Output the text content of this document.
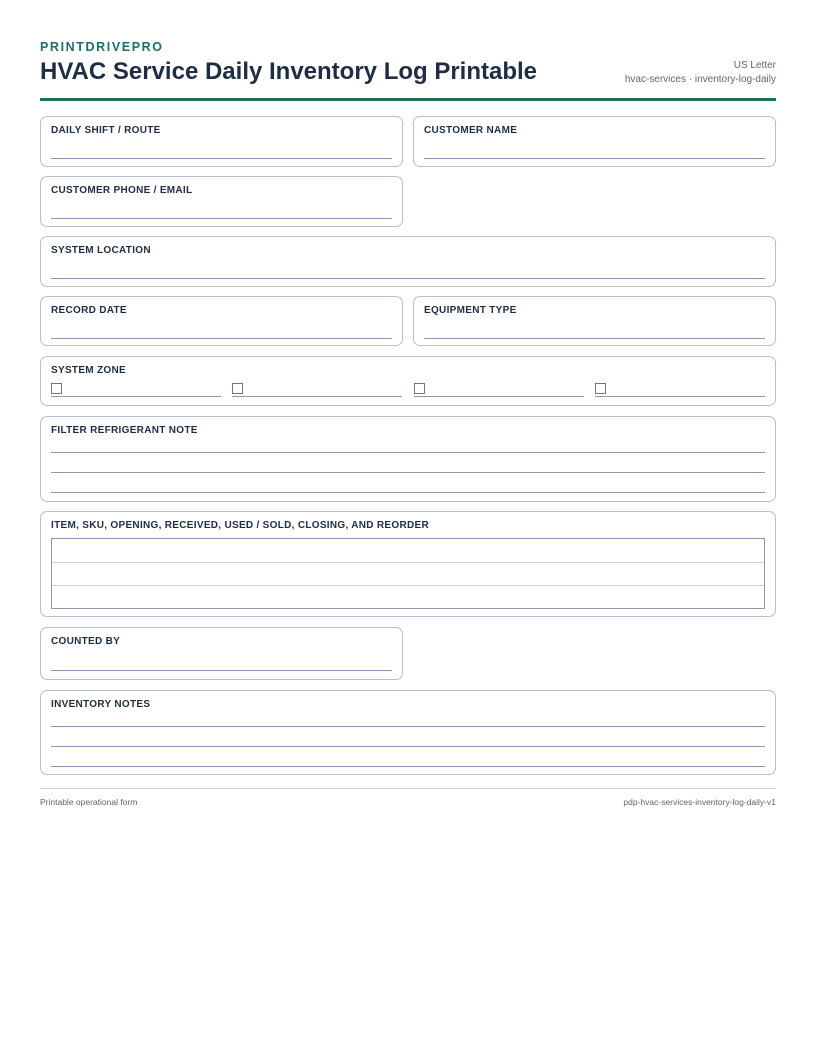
PRINTDRIVEPRO
HVAC Service Daily Inventory Log Printable	US Letter
hvac-services · inventory-log-daily
DAILY SHIFT / ROUTE	CUSTOMER NAME
CUSTOMER PHONE / EMAIL
SYSTEM LOCATION
RECORD DATE	EQUIPMENT TYPE
SYSTEM ZONE
FILTER REFRIGERANT NOTE
ITEM, SKU, OPENING, RECEIVED, USED / SOLD, CLOSING, AND REORDER
COUNTED BY
INVENTORY NOTES
Printable operational form	pdp-hvac-services-inventory-log-daily-v1
